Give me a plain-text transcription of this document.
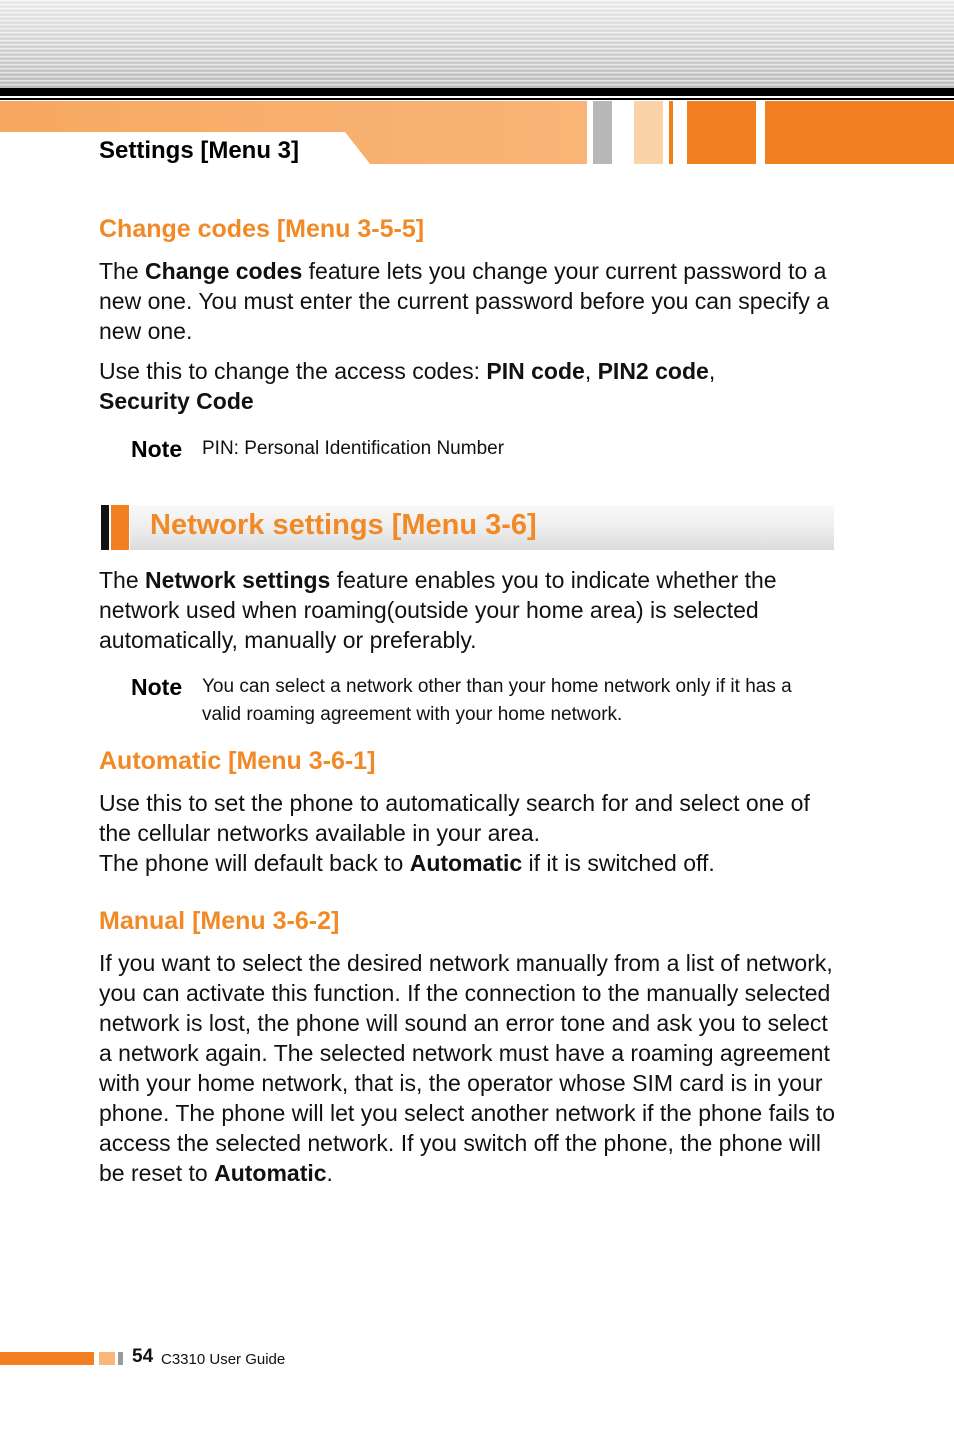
Settings [Menu 3]
Change codes [Menu 3-5-5]

The Change codes feature lets you change your current password to a new one. You must enter the current password before you can specify a new one.

Use this to change the access codes: PIN code, PIN2 code,
Security Code

Note PIN: Personal Identification Number
Network settings [Menu 3-6]

The Network settings feature enables you to indicate whether the network used when roaming(outside your home area) is selected automatically, manually or preferably.

Note You can select a network other than your home network only if it has a valid roaming agreement with your home network.
Automatic [Menu 3-6-1]

Use this to set the phone to automatically search for and select one of the cellular networks available in your area.
The phone will default back to Automatic if it is switched off.

Manual [Menu 3-6-2]

If you want to select the desired network manually from a list of network, you can activate this function. If the connection to the manually selected network is lost, the phone will sound an error tone and ask you to select a network again. The selected network must have a roaming agreement with your home network, that is, the operator whose SIM card is in your phone. The phone will let you select another network if the phone fails to access the selected network. If you switch off the phone, the phone will be reset to Automatic.

54 C3310 User Guide
